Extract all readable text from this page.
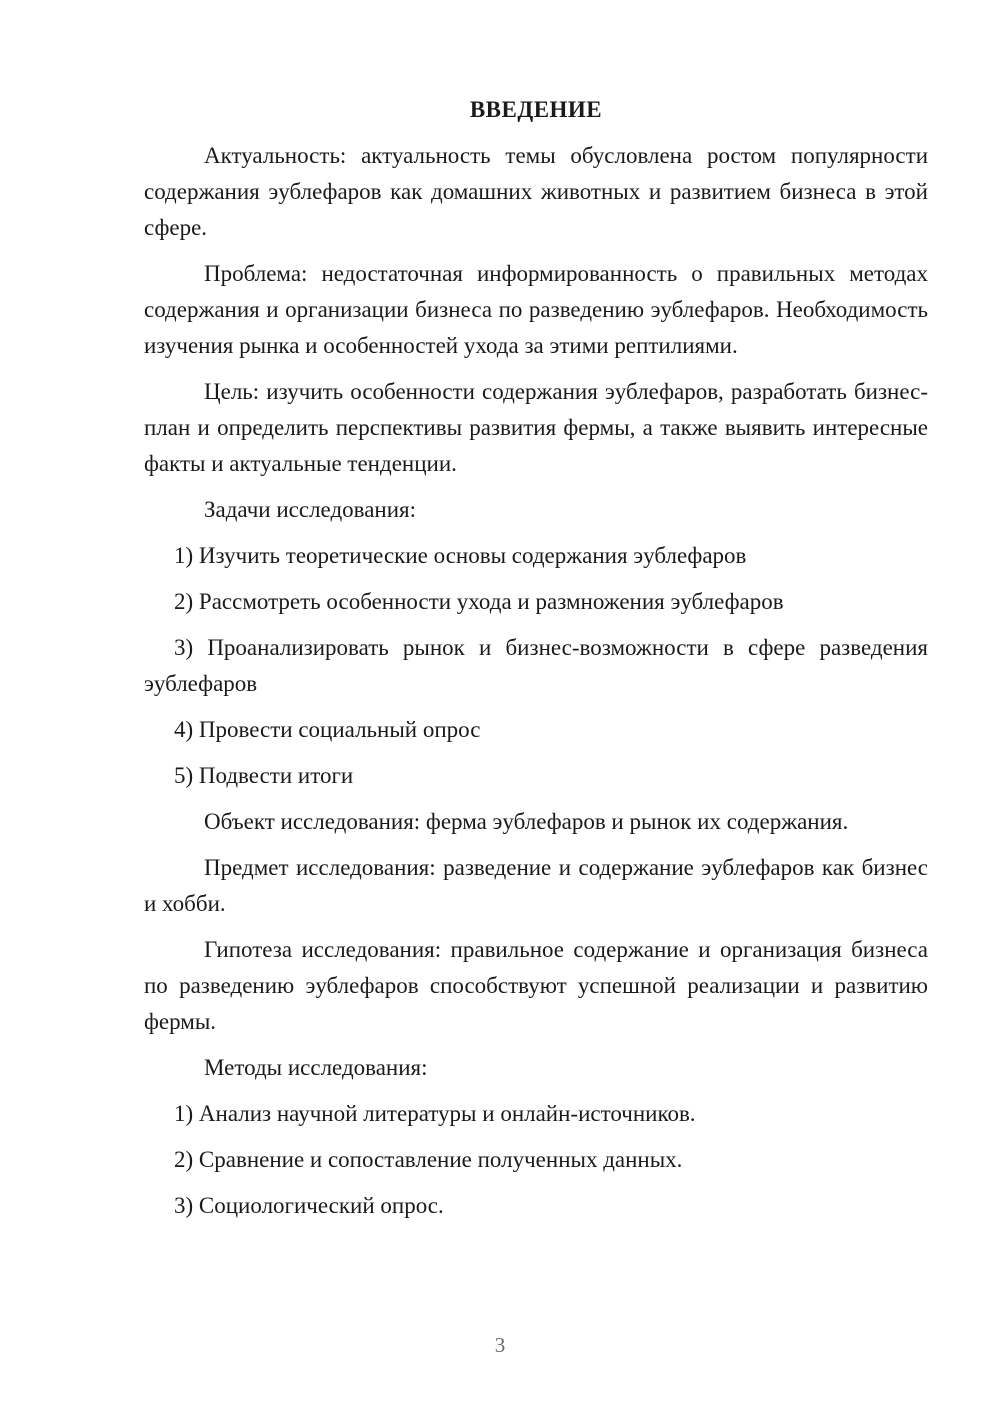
ВВЕДЕНИЕ

Актуальность: актуальность темы обусловлена ростом популярности содержания эублефаров как домашних животных и развитием бизнеса в этой сфере.

Проблема: недостаточная информированность о правильных методах содержания и организации бизнеса по разведению эублефаров. Необходимость изучения рынка и особенностей ухода за этими рептилиями.

Цель: изучить особенности содержания эублефаров, разработать бизнес-план и определить перспективы развития фермы, а также выявить интересные факты и актуальные тенденции.

Задачи исследования:

1) Изучить теоретические основы содержания эублефаров

2) Рассмотреть особенности ухода и размножения эублефаров

3) Проанализировать рынок и бизнес-возможности в сфере разведения эублефаров

4) Провести социальный опрос

5) Подвести итоги

Объект исследования: ферма эублефаров и рынок их содержания.

Предмет исследования: разведение и содержание эублефаров как бизнес и хобби.

Гипотеза исследования: правильное содержание и организация бизнеса по разведению эублефаров способствуют успешной реализации и развитию фермы.

Методы исследования:

1) Анализ научной литературы и онлайн-источников.

2) Сравнение и сопоставление полученных данных.

3) Социологический опрос.

3
